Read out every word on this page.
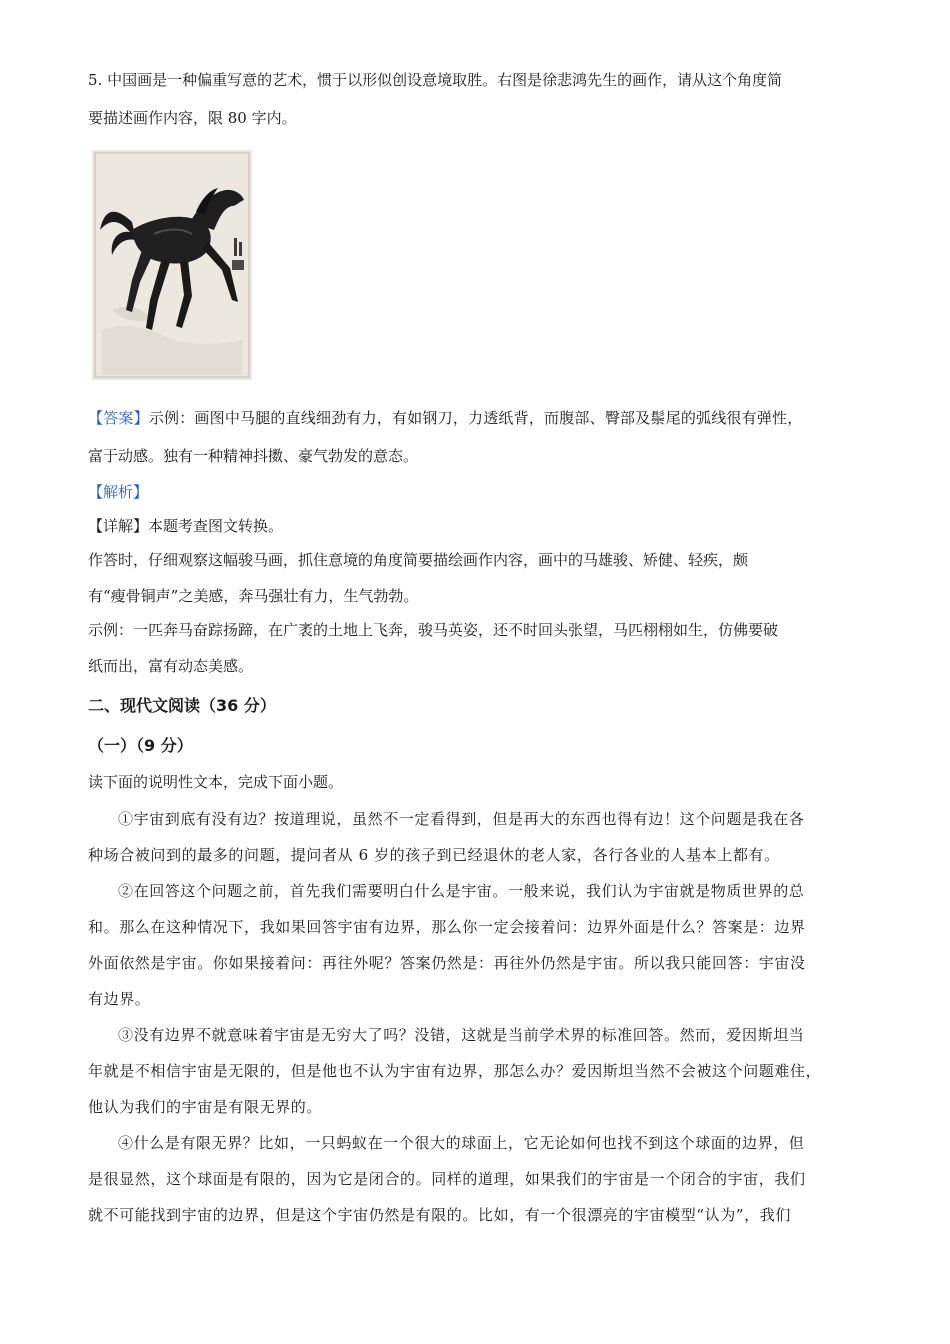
5. 中国画是一种偏重写意的艺术，惯于以形似创设意境取胜。右图是徐悲鸿先生的画作，请从这个角度简
要描述画作内容，限 80 字内。
【答案】示例：画图中马腿的直线细劲有力，有如钢刀，力透纸背，而腹部、臀部及鬃尾的弧线很有弹性，
富于动感。独有一种精神抖擞、豪气勃发的意态。
【解析】
【详解】本题考查图文转换。
作答时，仔细观察这幅骏马画，抓住意境的角度简要描绘画作内容，画中的马雄骏、矫健、轻疾，颇
有“瘦骨铜声”之美感，奔马强壮有力，生气勃勃。
示例：一匹奔马奋踪扬蹄，在广袤的土地上飞奔，骏马英姿，还不时回头张望，马匹栩栩如生，仿佛要破
纸而出，富有动态美感。
二、现代文阅读（36 分）
（一）（9 分）
读下面的说明性文本，完成下面小题。
①宇宙到底有没有边？按道理说，虽然不一定看得到，但是再大的东西也得有边！这个问题是我在各
种场合被问到的最多的问题，提问者从 6 岁的孩子到已经退休的老人家，各行各业的人基本上都有。
②在回答这个问题之前，首先我们需要明白什么是宇宙。一般来说，我们认为宇宙就是物质世界的总
和。那么在这种情况下，我如果回答宇宙有边界，那么你一定会接着问：边界外面是什么？答案是：边界
外面依然是宇宙。你如果接着问：再往外呢？答案仍然是：再往外仍然是宇宙。所以我只能回答：宇宙没
有边界。
③没有边界不就意味着宇宙是无穷大了吗？没错，这就是当前学术界的标准回答。然而，爱因斯坦当
年就是不相信宇宙是无限的，但是他也不认为宇宙有边界，那怎么办？爱因斯坦当然不会被这个问题难住，
他认为我们的宇宙是有限无界的。
④什么是有限无界？比如，一只蚂蚁在一个很大的球面上，它无论如何也找不到这个球面的边界，但
是很显然，这个球面是有限的，因为它是闭合的。同样的道理，如果我们的宇宙是一个闭合的宇宙，我们
就不可能找到宇宙的边界，但是这个宇宙仍然是有限的。比如，有一个很漂亮的宇宙模型“认为”，我们
